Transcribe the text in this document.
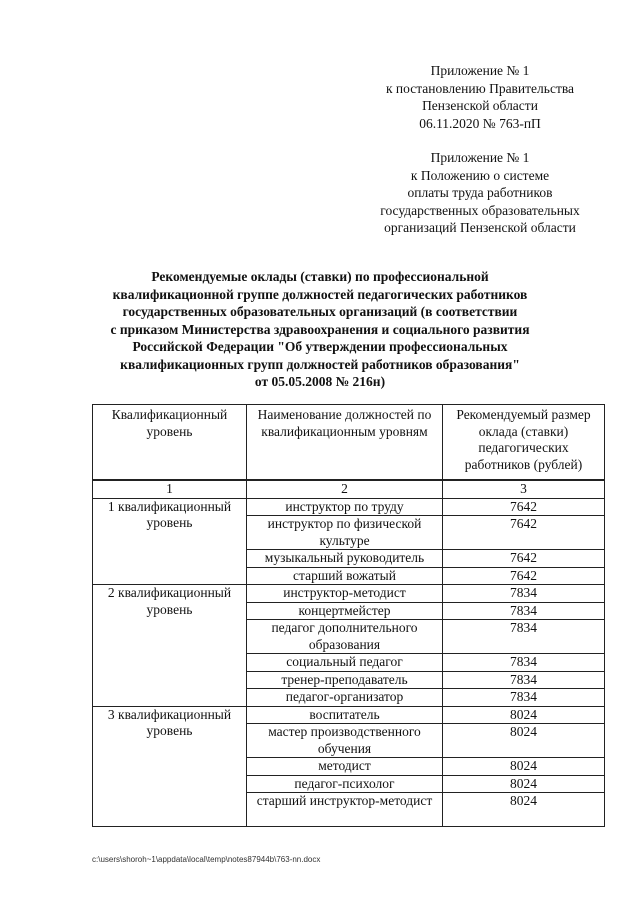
Приложение № 1
к постановлению Правительства
Пензенской области
06.11.2020 № 763-пП
Приложение № 1
к Положению о системе
оплаты труда работников
государственных образовательных
организаций Пензенской области
Рекомендуемые оклады (ставки) по профессиональной
квалификационной группе должностей педагогических работников
государственных образовательных организаций (в соответствии
с приказом Министерства здравоохранения и социального развития
Российской Федерации "Об утверждении профессиональных
квалификационных групп должностей работников образования"
от 05.05.2008 № 216н)
Квалификационный уровень	Наименование должностей по квалификационным уровням	Рекомендуемый размер оклада (ставки) педагогических работников (рублей)
1	2	3
1 квалификационный уровень	инструктор по труду	7642
	инструктор по физической культуре	7642
	музыкальный руководитель	7642
	старший вожатый	7642
2 квалификационный уровень	инструктор-методист	7834
	концертмейстер	7834
	педагог дополнительного образования	7834
	социальный педагог	7834
	тренер-преподаватель	7834
	педагог-организатор	7834
3 квалификационный уровень	воспитатель	8024
	мастер производственного обучения	8024
	методист	8024
	педагог-психолог	8024
	старший инструктор-методист	8024
c:\users\shoroh~1\appdata\local\temp\notes87944b\763-nn.docx
